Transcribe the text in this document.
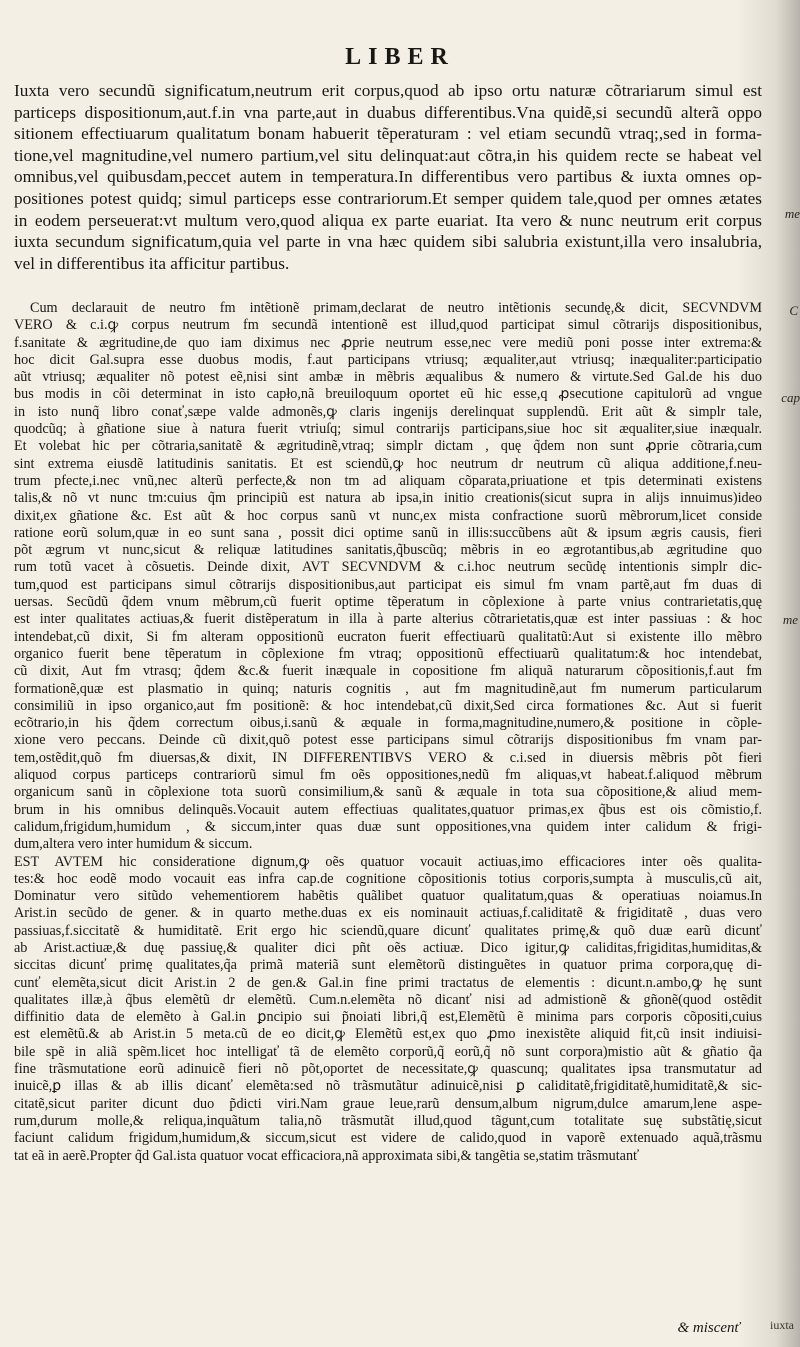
LIBER
Iuxta vero secundũ significatum,neutrum erit corpus,quod ab ipso ortu naturæ cõtrariarum simul est
particeps dispositionum,aut.f.in vna parte,aut in duabus differentibus.Vna quidẽ,si secundũ alterã oppo
sitionem effectiuarum qualitatum bonam habuerit tẽperaturam : vel etiam secundũ vtraq;,sed in forma-
tione,vel magnitudine,vel numero partium,vel situ delinquat:aut cõtra,in his quidem recte se habeat vel
omnibus,vel quibusdam,peccet autem in temperatura.In differentibus vero partibus & iuxta omnes op-
positiones potest quidq; simul particeps esse contrariorum.Et semper quidem tale,quod per omnes ætates
in eodem perseuerat:vt multum vero,quod aliqua ex parte euariat. Ita vero & nunc neutrum erit corpus
iuxta secundum significatum,quia vel parte in vna hæc quidem sibi salubria existunt,illa vero insalubria,
vel in differentibus ita afficitur partibus.
Cum declarauit de neutro fm intẽtionẽ primam,declarat de neutro intẽtionis secundę,& dicit, SECVNDVM
VERO & c.i.ꝙ corpus neutrum fm secundã intentionẽ est illud,quod participat simul cõtrarijs dispositionibus,
f.sanitate & ægritudine,de quo iam diximus nec ꝓprie neutrum esse,nec vere mediũ poni posse inter extrema:&
hoc dicit Gal.supra esse duobus modis, f.aut participans vtriusq; æqualiter,aut vtriusq; inæqualiter:participatio
aũt vtriusq; æqualiter nõ potest eẽ,nisi sint ambæ in mẽbris æqualibus & numero & virtute.Sed Gal.de his duo
bus modis in cõi determinat in isto capło,nã breuiloquum oportet eũ hic esse,q ꝓsecutione capitulorũ ad vngue
in isto nunq̃ libro conať,sæpe valde admonẽs,ꝙ claris ingenijs derelinquat supplendũ. Erit aũt & simplr tale,
quodcũq; à gñatione siue à natura fuerit vtriuſq; simul contrarijs participans,siue hoc sit æqualiter,siue inæqualr.
Et volebat hic per cõtraria,sanitatẽ & ægritudinẽ,vtraq; simplr dictam , quę q̃dem non sunt ꝓprie cõtraria,cum
sint extrema eiusdẽ latitudinis sanitatis. Et est sciendũ,ꝙ hoc neutrum dr neutrum cũ aliqua additione,f.neu-
trum pfecte,i.nec vnũ,nec alterũ perfecte,& non tm ad aliquam cõparata,priuatione et tpis determinati existens
talis,& nõ vt nunc tm:cuius q̃m principiũ est natura ab ipsa,in initio creationis(sicut supra in alijs innuimus)ideo
dixit,ex gñatione &c. Est aũt & hoc corpus sanũ vt nunc,ex mista confractione suorũ mẽbrorum,licet conside
ratione eorũ solum,quæ in eo sunt sana , possit dici optime sanũ in illis:succũbens aũt & ipsum ægris causis, fieri
põt ægrum vt nunc,sicut & reliquæ latitudines sanitatis,q̃buscũq; mẽbris in eo ægrotantibus,ab ægritudine quo
rum totũ vacet à cõsuetis. Deinde dixit, AVT SECVNDVM & c.i.hoc neutrum secũdę intentionis simplr dic-
tum,quod est participans simul cõtrarijs dispositionibus,aut participat eis simul fm vnam partẽ,aut fm duas di
uersas. Secũdũ q̃dem vnum mẽbrum,cũ fuerit optime tẽperatum in cõplexione à parte vnius contrarietatis,quę
est inter qualitates actiuas,& fuerit distẽperatum in illa à parte alterius cõtrarietatis,quæ est inter passiuas : & hoc
intendebat,cũ dixit, Si fm alteram oppositionũ eucraton fuerit effectiuarũ qualitatũ:Aut si existente illo mẽbro
organico fuerit bene tẽperatum in cõplexione fm vtraq; oppositionũ effectiuarũ qualitatum:& hoc intendebat,
cũ dixit, Aut fm vtrasq; q̃dem &c.& fuerit inæquale in copositione fm aliquã naturarum cõpositionis,f.aut fm
formationẽ,quæ est plasmatio in quinq; naturis cognitis , aut fm magnitudinẽ,aut fm numerum particularum
consimiliũ in ipso organico,aut fm positionẽ: & hoc intendebat,cũ dixit,Sed circa formationes &c. Aut si fuerit
ecõtrario,in his q̃dem correctum oibus,i.sanũ & æquale in forma,magnitudine,numero,& positione in cõple-
xione vero peccans. Deinde cũ dixit,quõ potest esse participans simul cõtrarijs dispositionibus fm vnam par-
tem,ostẽdit,quõ fm diuersas,& dixit, IN DIFFERENTIBVS VERO & c.i.sed in diuersis mẽbris põt fieri
aliquod corpus particeps contrariorũ simul fm oẽs oppositiones,nedũ fm aliquas,vt habeat.f.aliquod mẽbrum
organicum sanũ in cõplexione tota suorũ consimilium,& sanũ & æquale in tota sua cõpositione,& aliud mem-
brum in his omnibus delinquẽs.Vocauit autem effectiuas qualitates,quatuor primas,ex q̃bus est ois cõmistio,f.
calidum,frigidum,humidum , & siccum,inter quas duæ sunt oppositiones,vna quidem inter calidum & frigi-
dum,altera vero inter humidum & siccum.
EST AVTEM hic consideratione dignum,ꝙ oẽs quatuor vocauit actiuas,imo efficaciores inter oẽs qualita-
tes:& hoc eodẽ modo vocauit eas infra cap.de cognitione cõpositionis totius corporis,sumpta à musculis,cũ ait,
Dominatur vero sitũdo vehementiorem habẽtis quãlibet quatuor qualitatum,quas & operatiuas noiamus.In
Arist.in secũdo de gener. & in quarto methe.duas ex eis nominauit actiuas,f.caliditatẽ & frigiditatẽ , duas vero
passiuas,f.siccitatẽ & humiditatẽ. Erit ergo hic sciendũ,quare dicunť qualitates primę,& quõ duæ earũ dicunť
ab Arist.actiuæ,& duę passiuę,& qualiter dici pñt oẽs actiuæ. Dico igitur,ꝙ caliditas,frigiditas,humiditas,&
siccitas dicunť primę qualitates,q̃a primã materiã sunt elemẽtorũ distinguẽtes in quatuor prima corpora,quę di-
cunť elemẽta,sicut dicit Arist.in 2 de gen.& Gal.in fine primi tractatus de elementis : dicunt.n.ambo,ꝙ hę sunt
qualitates illæ,à q̃bus elemẽtũ dr elemẽtũ. Cum.n.elemẽta nõ dicanť nisi ad admistionẽ & gñonẽ(quod ostẽdit
diffinitio data de elemẽto à Gal.in ꝑncipio sui p̃noiati libri,q̃ est,Elemẽtũ ẽ minima pars corporis cõpositi,cuius
est elemẽtũ.& ab Arist.in 5 meta.cũ de eo dicit,ꝙ Elemẽtũ est,ex quo ꝓmo inexistẽte aliquid fit,cũ insit indiuisi-
bile spẽ in aliã spẽm.licet hoc intelligať tã de elemẽto corporũ,q̃ eorũ,q̃ nõ sunt corpora)mistio aũt & gñatio q̃a
fine trãsmutatione eorũ adinuicẽ fieri nõ põt,oportet de necessitate,ꝙ quascunq; qualitates ipsa transmutatur ad
inuicẽ,ꝑ illas & ab illis dicanť elemẽta:sed nõ trãsmutãtur adinuicẽ,nisi ꝑ caliditatẽ,frigiditatẽ,humiditatẽ,& sic-
citatẽ,sicut pariter dicunt duo p̃dicti viri.Nam graue leue,rarũ densum,album nigrum,dulce amarum,lene aspe-
rum,durum molle,& reliqua,inquãtum talia,nõ trãsmutãt illud,quod tãgunt,cum totalitate suę substãtię,sicut
faciunt calidum frigidum,humidum,& siccum,sicut est videre de calido,quod in vaporẽ extenuado aquã,trãsmu
tat eã in aerẽ.Propter q̃d Gal.ista quatuor vocat efficaciora,nã approximata sibi,& tangẽtia se,statim trãsmutanť
me
C
cap
me
iuxta
& miscenť
